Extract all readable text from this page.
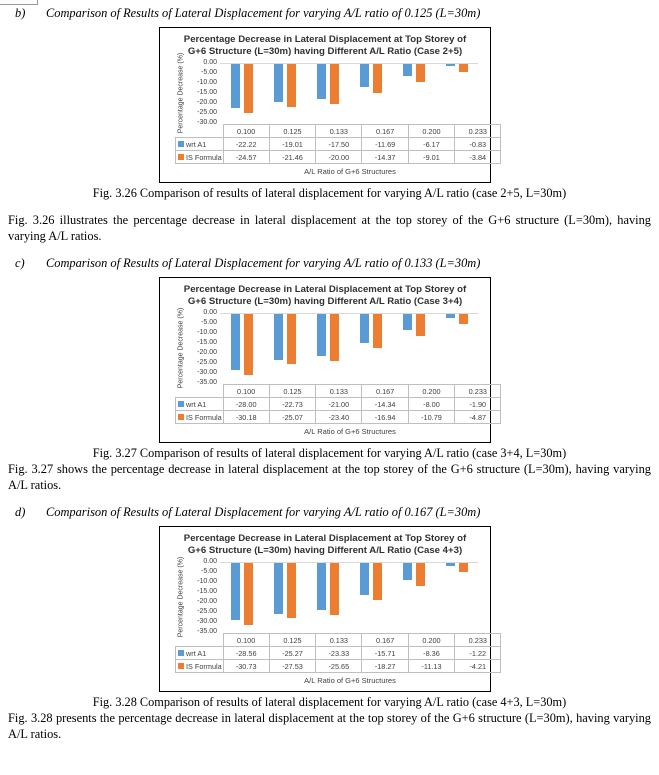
b)	Comparison of Results of Lateral Displacement for varying A/L ratio of 0.125 (L=30m)
Percentage Decrease in Lateral Displacement at Top Storey of G+6 Structure (L=30m) having Different A/L Ratio (Case 2+5)
Percentage Decrease (%)	0.00
-5.00
-10.00
-15.00
-20.00
-25.00
-30.00
	0.100	0.125	0.133	0.167	0.200	0.233
wrt A1	-22.22	-19.01	-17.50	-11.69	-6.17	-0.83
IS Formula	-24.57	-21.46	-20.00	-14.37	-9.01	-3.84
A/L Ratio of G+6 Structures
Fig. 3.26 Comparison of results of lateral displacement for varying A/L ratio (case 2+5, L=30m)
Fig. 3.26 illustrates the percentage decrease in lateral displacement at the top storey of the G+6 structure (L=30m), having varying A/L ratios.
c)	Comparison of Results of Lateral Displacement for varying A/L ratio of 0.133 (L=30m)
Percentage Decrease in Lateral Displacement at Top Storey of G+6 Structure (L=30m) having Different A/L Ratio (Case 3+4)
Percentage Decrease (%)	0.00
-5.00
-10.00
-15.00
-20.00
-25.00
-30.00
-35.00
	0.100	0.125	0.133	0.167	0.200	0.233
wrt A1	-28.00	-22.73	-21.00	-14.34	-8.00	-1.90
IS Formula	-30.18	-25.07	-23.40	-16.94	-10.79	-4.87
A/L Ratio of G+6 Structures
Fig. 3.27 Comparison of results of lateral displacement for varying A/L ratio (case 3+4, L=30m)
Fig. 3.27 shows the percentage decrease in lateral displacement at the top storey of the G+6 structure (L=30m), having varying A/L ratios.
d)	Comparison of Results of Lateral Displacement for varying A/L ratio of 0.167 (L=30m)
Percentage Decrease in Lateral Displacement at Top Storey of G+6 Structure (L=30m) having Different A/L Ratio (Case 4+3)
Percentage Decrease (%)	0.00
-5.00
-10.00
-15.00
-20.00
-25.00
-30.00
-35.00
	0.100	0.125	0.133	0.167	0.200	0.233
wrt A1	-28.56	-25.27	-23.33	-15.71	-8.36	-1.22
IS Formula	-30.73	-27.53	-25.65	-18.27	-11.13	-4.21
A/L Ratio of G+6 Structures
Fig. 3.28 Comparison of results of lateral displacement for varying A/L ratio (case 4+3, L=30m)
Fig. 3.28 presents the percentage decrease in lateral displacement at the top storey of the G+6 structure (L=30m), having varying A/L ratios.
